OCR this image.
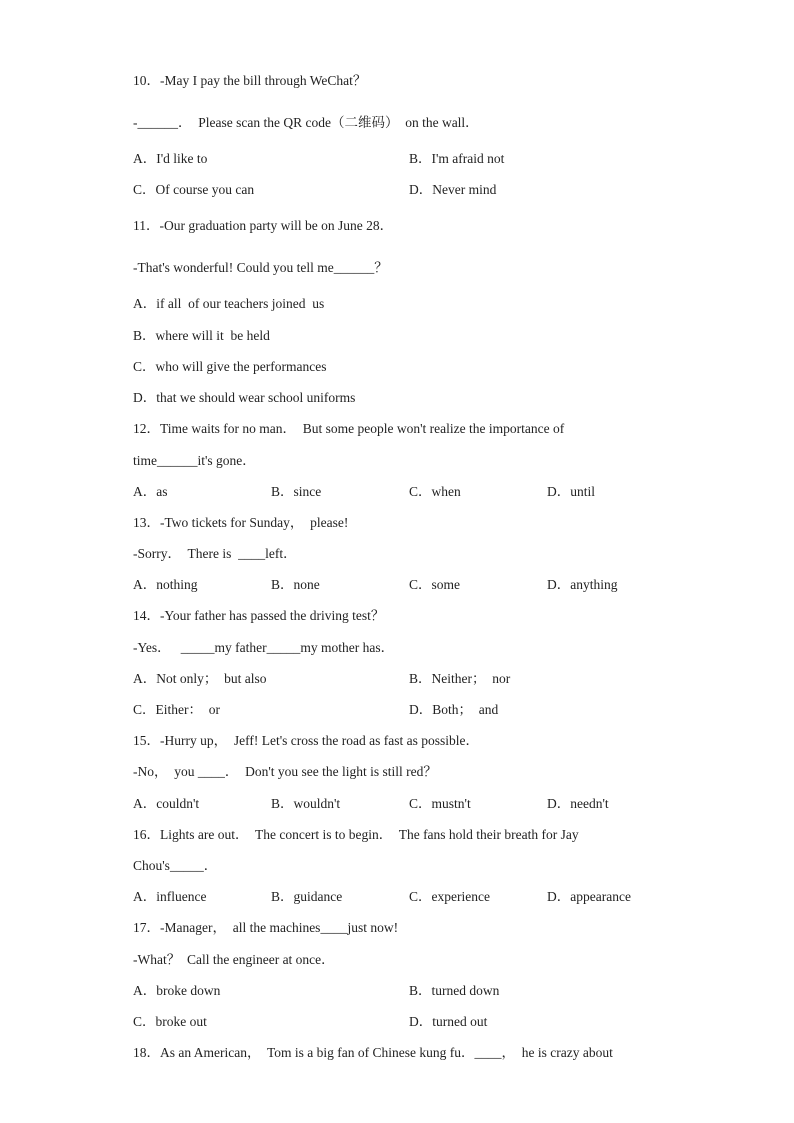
10．-May I pay the bill through WeChat？
-______．  Please scan the QR code（二维码）  on the wall．
A．I'd like to	B．I'm afraid not
C．Of course you can	D．Never mind
11．-Our graduation party will be on June 28．
-That's wonderful! Could you tell me______？
A．if all  of our teachers joined  us
B．where will it  be held
C．who will give the performances
D．that we should wear school uniforms
12．Time waits for no man．  But some people won't realize the importance of
time______it's gone．
A．as	B．since	C．when	D．until
13．-Two tickets for Sunday，  please!
-Sorry．  There is  ____left．
A．nothing	B．none	C．some	D．anything
14．-Your father has passed the driving test？
-Yes．   _____my father_____my mother has．
A．Not only；  but also	B．Neither；  nor
C．Either：  or	D．Both；  and
15．-Hurry up，  Jeff! Let's cross the road as fast as possible．
-No，  you ____．  Don't you see the light is still red？
A．couldn't	B．wouldn't	C．mustn't	D．needn't
16．Lights are out．  The concert is to begin．  The fans hold their breath for Jay
Chou's_____．
A．influence	B．guidance	C．experience	D．appearance
17．-Manager，  all the machines____just now!
-What？  Call the engineer at once．
A．broke down	B．turned down
C．broke out	D．turned out
18．As an American，  Tom is a big fan of Chinese kung fu．____，  he is crazy about
